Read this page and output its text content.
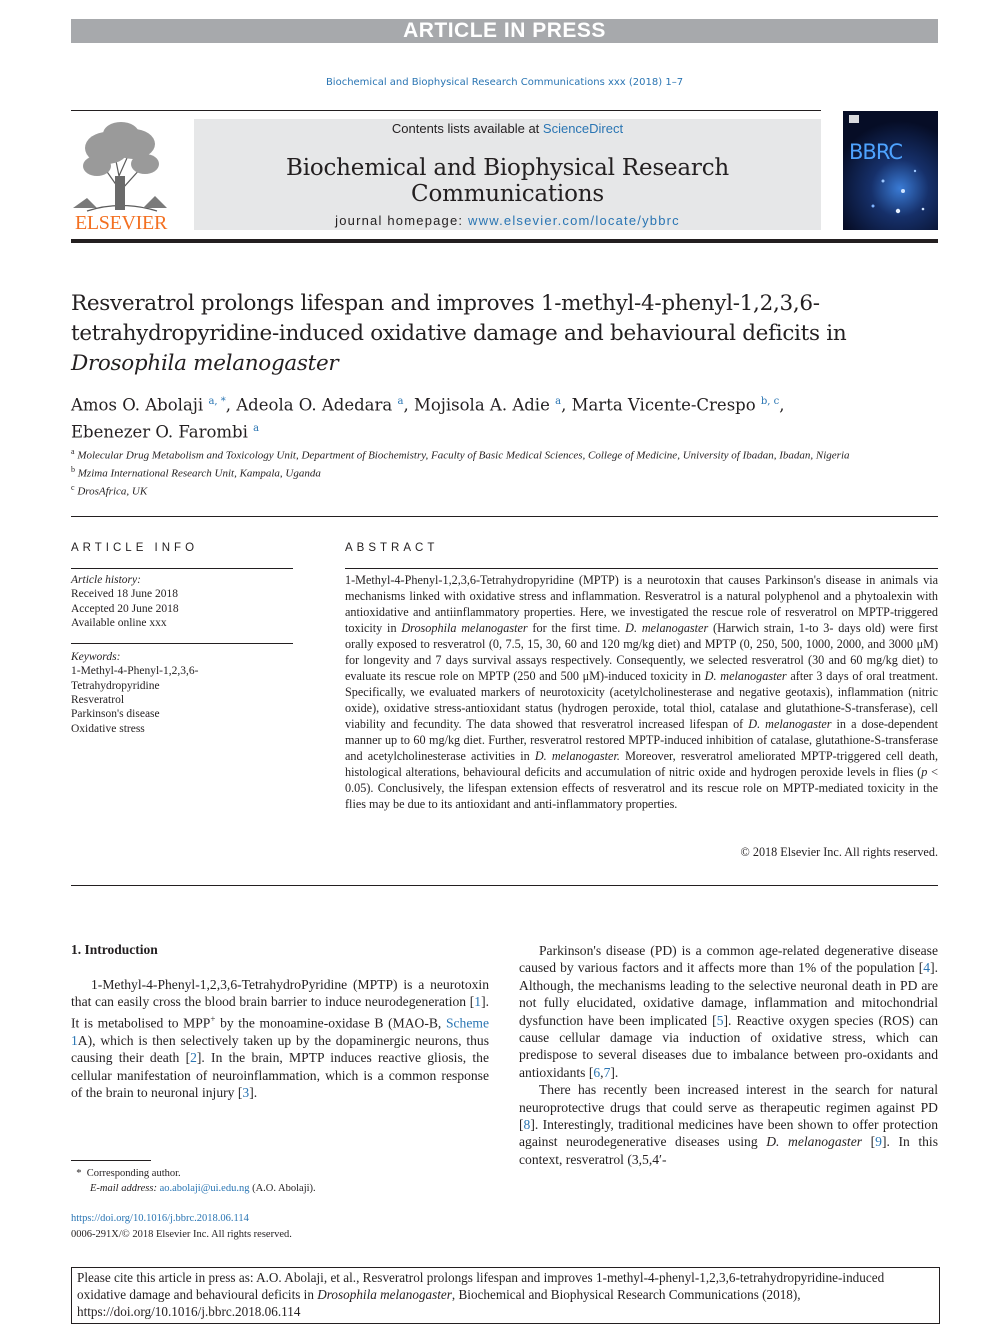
ARTICLE IN PRESS
Biochemical and Biophysical Research Communications xxx (2018) 1–7
ELSEVIER
Contents lists available at ScienceDirect
Biochemical and Biophysical Research Communications
journal homepage: www.elsevier.com/locate/ybbrc
BBRC
Resveratrol prolongs lifespan and improves 1-methyl-4-phenyl-1,2,3,6-tetrahydropyridine-induced oxidative damage and behavioural deficits in Drosophila melanogaster
Amos O. Abolaji $^{a, *}$, Adeola O. Adedara $^a$, Mojisola A. Adie $^a$, Marta Vicente-Crespo $^{b, c}$,
Ebenezer O. Farombi $^a$
$^a$ Molecular Drug Metabolism and Toxicology Unit, Department of Biochemistry, Faculty of Basic Medical Sciences, College of Medicine, University of Ibadan, Ibadan, Nigeria
$^b$ Mzima International Research Unit, Kampala, Uganda
$^c$ DrosAfrica, UK
ARTICLE INFO
Article history:
Received 18 June 2018
Accepted 20 June 2018
Available online xxx
Keywords:
1-Methyl-4-Phenyl-1,2,3,6-Tetrahydropyridine
Resveratrol
Parkinson's disease
Oxidative stress
ABSTRACT
1-Methyl-4-Phenyl-1,2,3,6-Tetrahydropyridine (MPTP) is a neurotoxin that causes Parkinson's disease in animals via mechanisms linked with oxidative stress and inflammation. Resveratrol is a natural polyphenol and a phytoalexin with antioxidative and antiinflammatory properties. Here, we investigated the rescue role of resveratrol on MPTP-triggered toxicity in Drosophila melanogaster for the first time. D. melanogaster (Harwich strain, 1-to 3- days old) were first orally exposed to resveratrol (0, 7.5, 15, 30, 60 and 120 mg/kg diet) and MPTP (0, 250, 500, 1000, 2000, and 3000 μM) for longevity and 7 days survival assays respectively. Consequently, we selected resveratrol (30 and 60 mg/kg diet) to evaluate its rescue role on MPTP (250 and 500 μM)-induced toxicity in D. melanogaster after 3 days of oral treatment. Specifically, we evaluated markers of neurotoxicity (acetylcholinesterase and negative geotaxis), inflammation (nitric oxide), oxidative stress-antioxidant status (hydrogen peroxide, total thiol, catalase and glutathione-S-transferase), cell viability and fecundity. The data showed that resveratrol increased lifespan of D. melanogaster in a dose-dependent manner up to 60 mg/kg diet. Further, resveratrol restored MPTP-induced inhibition of catalase, glutathione-S-transferase and acetylcholinesterase activities in D. melanogaster. Moreover, resveratrol ameliorated MPTP-triggered cell death, histological alterations, behavioural deficits and accumulation of nitric oxide and hydrogen peroxide levels in flies (p < 0.05). Conclusively, the lifespan extension effects of resveratrol and its rescue role on MPTP-mediated toxicity in the flies may be due to its antioxidant and anti-inflammatory properties.
© 2018 Elsevier Inc. All rights reserved.
1. Introduction

1-Methyl-4-Phenyl-1,2,3,6-TetrahydroPyridine (MPTP) is a neurotoxin that can easily cross the blood brain barrier to induce neurodegeneration [1]. It is metabolised to MPP+ by the monoamine-oxidase B (MAO-B, Scheme 1A), which is then selectively taken up by the dopaminergic neurons, thus causing their death [2]. In the brain, MPTP induces reactive gliosis, the cellular manifestation of neuroinflammation, which is a common response of the brain to neuronal injury [3].

Parkinson's disease (PD) is a common age-related degenerative disease caused by various factors and it affects more than 1% of the population [4]. Although, the mechanisms leading to the selective neuronal death in PD are not fully elucidated, oxidative damage, inflammation and mitochondrial dysfunction have been implicated [5]. Reactive oxygen species (ROS) can cause cellular damage via induction of oxidative stress, which can predispose to several diseases due to imbalance between pro-oxidants and antioxidants [6,7].

There has recently been increased interest in the search for natural neuroprotective drugs that could serve as therapeutic regimen against PD [8]. Interestingly, traditional medicines have been shown to offer protection against neurodegenerative diseases using D. melanogaster [9]. In this context, resveratrol (3,5,4′-

* Corresponding author.
E-mail address: ao.abolaji@ui.edu.ng (A.O. Abolaji).
https://doi.org/10.1016/j.bbrc.2018.06.114
0006-291X/© 2018 Elsevier Inc. All rights reserved.
Please cite this article in press as: A.O. Abolaji, et al., Resveratrol prolongs lifespan and improves 1-methyl-4-phenyl-1,2,3,6-tetrahydropyridine-induced oxidative damage and behavioural deficits in Drosophila melanogaster, Biochemical and Biophysical Research Communications (2018), https://doi.org/10.1016/j.bbrc.2018.06.114
